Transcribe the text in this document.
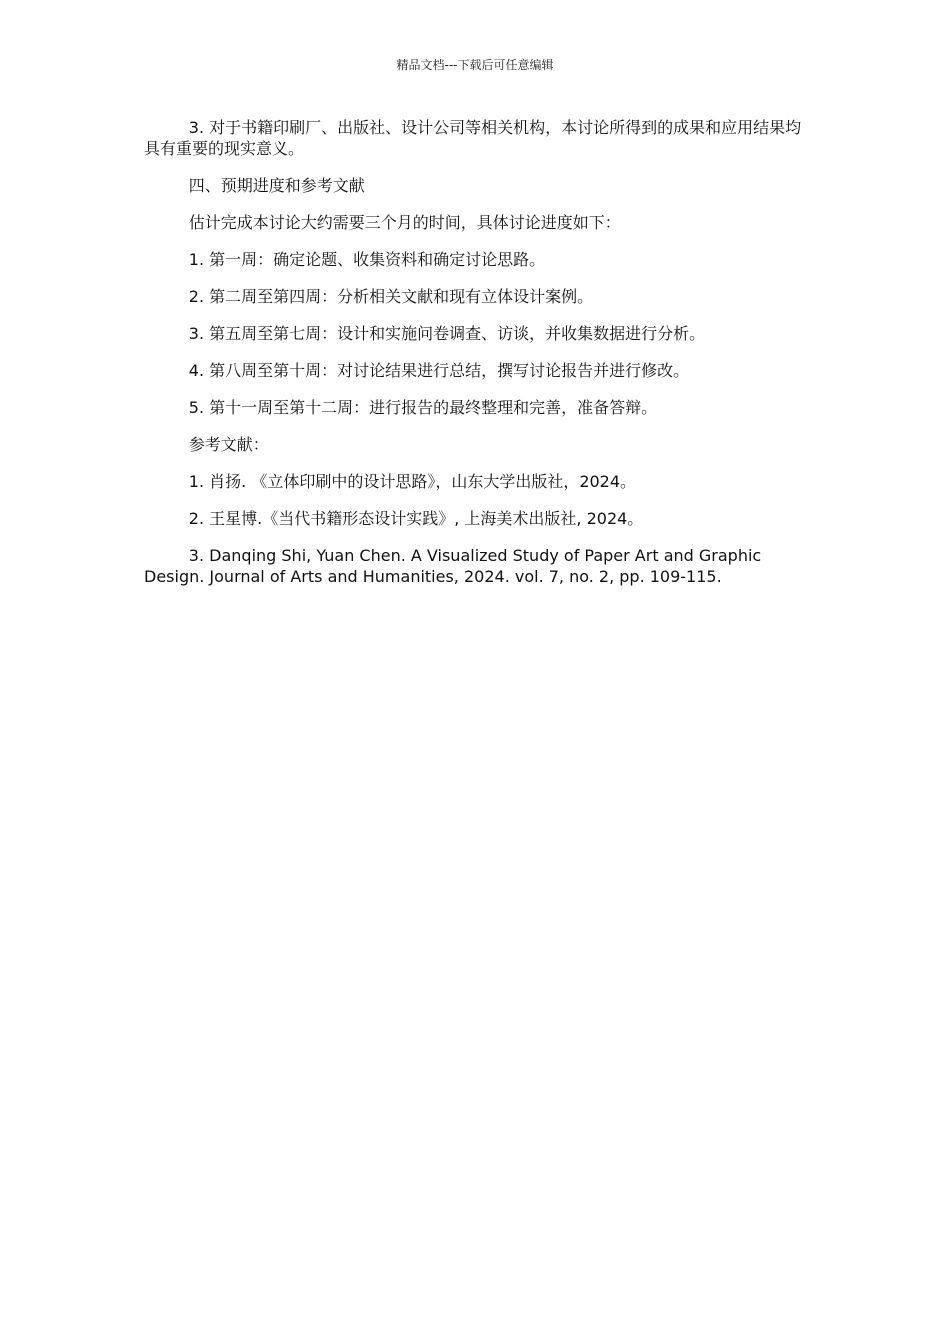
精品文档---下载后可任意编辑

3. 对于书籍印刷厂、出版社、设计公司等相关机构，本讨论所得到的成果和应用结果均具有重要的现实意义。

四、预期进度和参考文献

估计完成本讨论大约需要三个月的时间，具体讨论进度如下：

1. 第一周：确定论题、收集资料和确定讨论思路。

2. 第二周至第四周：分析相关文献和现有立体设计案例。

3. 第五周至第七周：设计和实施问卷调查、访谈，并收集数据进行分析。

4. 第八周至第十周：对讨论结果进行总结，撰写讨论报告并进行修改。

5. 第十一周至第十二周：进行报告的最终整理和完善，准备答辩。

参考文献：

1. 肖扬. 《立体印刷中的设计思路》，山东大学出版社，2024。

2. 王星博.《当代书籍形态设计实践》, 上海美术出版社, 2024。

3. Danqing Shi, Yuan Chen. A Visualized Study of Paper Art and Graphic Design. Journal of Arts and Humanities, 2024. vol. 7, no. 2, pp. 109-115.
